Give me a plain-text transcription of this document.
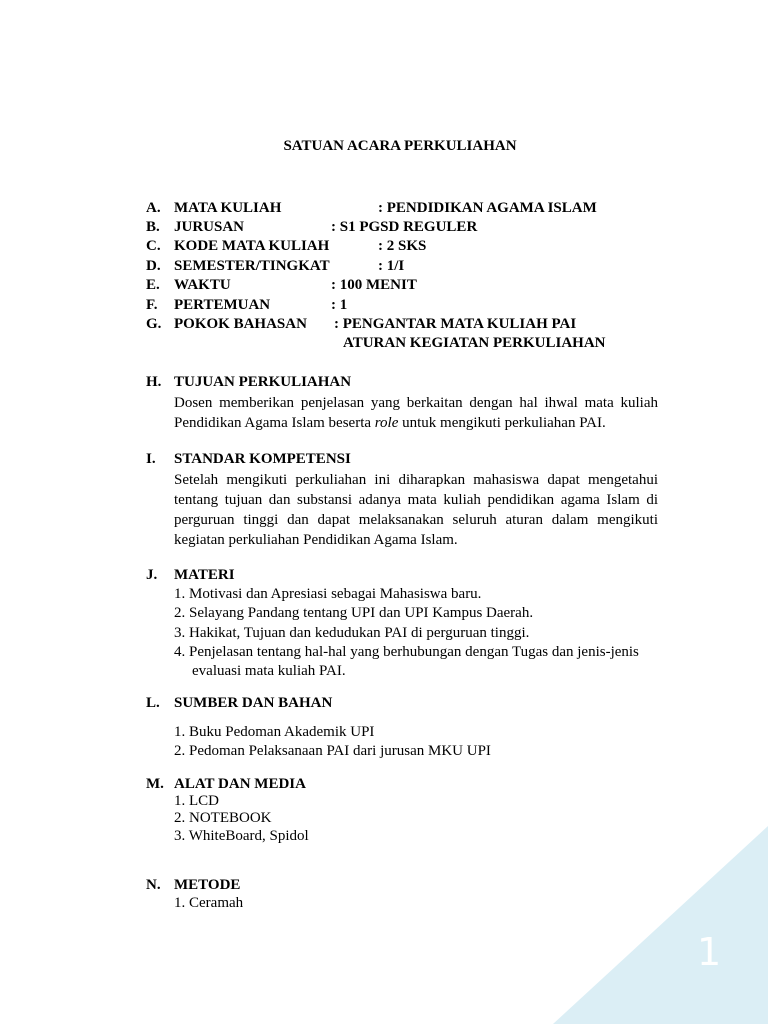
SATUAN ACARA PERKULIAHAN
A. MATA KULIAH	: PENDIDIKAN AGAMA ISLAM
B. JURUSAN	: S1 PGSD REGULER
C. KODE MATA KULIAH	: 2 SKS
D. SEMESTER/TINGKAT	: 1/I
E. WAKTU	: 100 MENIT
F. PERTEMUAN	: 1
G. POKOK BAHASAN : PENGANTAR MATA KULIAH PAI
ATURAN KEGIATAN PERKULIAHAN
H. TUJUAN PERKULIAHAN
Dosen memberikan penjelasan yang berkaitan dengan hal ihwal mata kuliah Pendidikan Agama Islam beserta role untuk mengikuti perkuliahan PAI.
I. STANDAR KOMPETENSI
Setelah mengikuti perkuliahan ini diharapkan mahasiswa dapat mengetahui tentang tujuan dan substansi adanya mata kuliah pendidikan agama Islam di perguruan tinggi dan dapat melaksanakan seluruh aturan dalam mengikuti kegiatan perkuliahan Pendidikan Agama Islam.
J. MATERI
1. Motivasi dan Apresiasi sebagai Mahasiswa baru.
2. Selayang Pandang tentang UPI dan UPI Kampus Daerah.
3. Hakikat, Tujuan dan kedudukan PAI di perguruan tinggi.
4. Penjelasan tentang hal-hal yang berhubungan dengan Tugas dan jenis-jenis
evaluasi mata kuliah PAI.
L. SUMBER DAN BAHAN
1. Buku Pedoman Akademik UPI
2. Pedoman Pelaksanaan PAI dari jurusan MKU UPI
M. ALAT DAN MEDIA
1. LCD
2. NOTEBOOK
3. WhiteBoard, Spidol
N. METODE
1. Ceramah
1
